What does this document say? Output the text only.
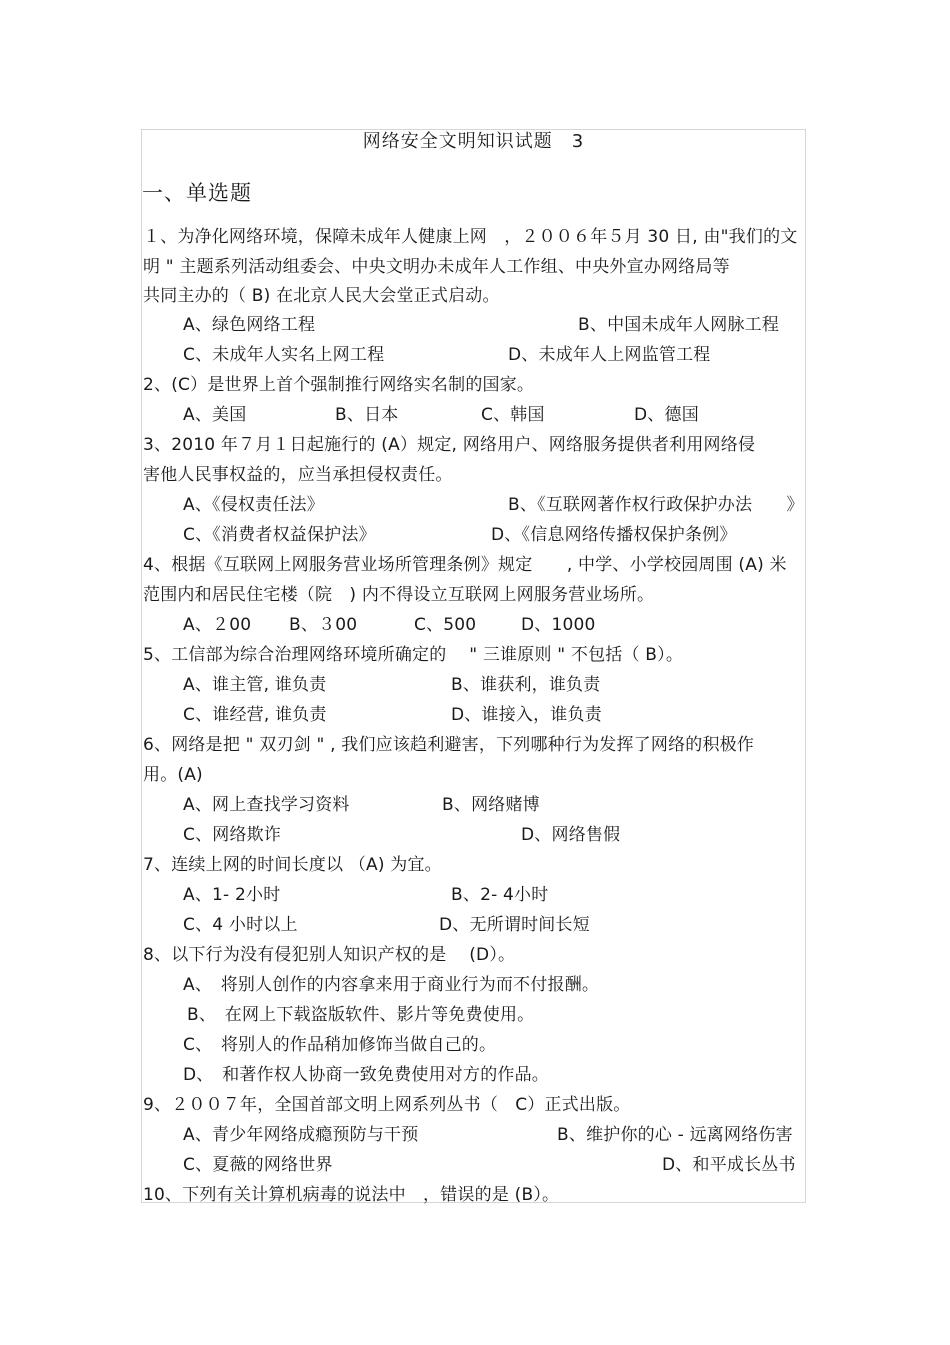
网络安全文明知识试题　3
一、单选题
１、为净化网络环境，保障未成年人健康上网　，２００６年５月 30 日, 由"我们的文
明 " 主题系列活动组委会、中央文明办未成年人工作组、中央外宣办网络局等
共同主办的（ B) 在北京人民大会堂正式启动。
A、绿色网络工程	B、中国未成年人网脉工程
C、未成年人实名上网工程	D、未成年人上网监管工程
2、(C）是世界上首个强制推行网络实名制的国家。
A、美国	B、日本	C、韩国	D、德国
3、2010 年７月１日起施行的 (A）规定, 网络用户、网络服务提供者利用网络侵
害他人民事权益的，应当承担侵权责任。
A、《侵权责任法》	B、《互联网著作权行政保护办法　　》
C、《消费者权益保护法》	D、《信息网络传播权保护条例》
4、根据《互联网上网服务营业场所管理条例》规定　　, 中学、小学校园周围 (A) 米
范围内和居民住宅楼（院　) 内不得设立互联网上网服务营业场所。
A、２00 B、３00	C、500	D、1000
5、工信部为综合治理网络环境所确定的　 " 三谁原则 " 不包括（ B）。
A、谁主管, 谁负责	B、谁获利，谁负责
C、谁经营, 谁负责	D、谁接入，谁负责
6、网络是把 " 双刃剑 " , 我们应该趋利避害，下列哪种行为发挥了网络的积极作
用。(A)
A、网上查找学习资料	B、网络赌博
C、网络欺诈	D、网络售假
7、连续上网的时间长度以 （A) 为宜。
A、1- 2小时	B、2- 4小时
C、4 小时以上	D、无所谓时间长短
8、以下行为没有侵犯别人知识产权的是　 (D）。
A、　将别人创作的内容拿来用于商业行为而不付报酬。
B、　在网上下载盗版软件、影片等免费使用。
C、　将别人的作品稍加修饰当做自己的。
D、　和著作权人协商一致免费使用对方的作品。
9、２００７年，全国首部文明上网系列丛书（　C）正式出版。
A、青少年网络成瘾预防与干预	B、维护你的心 - 远离网络伤害
C、夏薇的网络世界	D、和平成长丛书
10、下列有关计算机病毒的说法中　，错误的是 (B）。
